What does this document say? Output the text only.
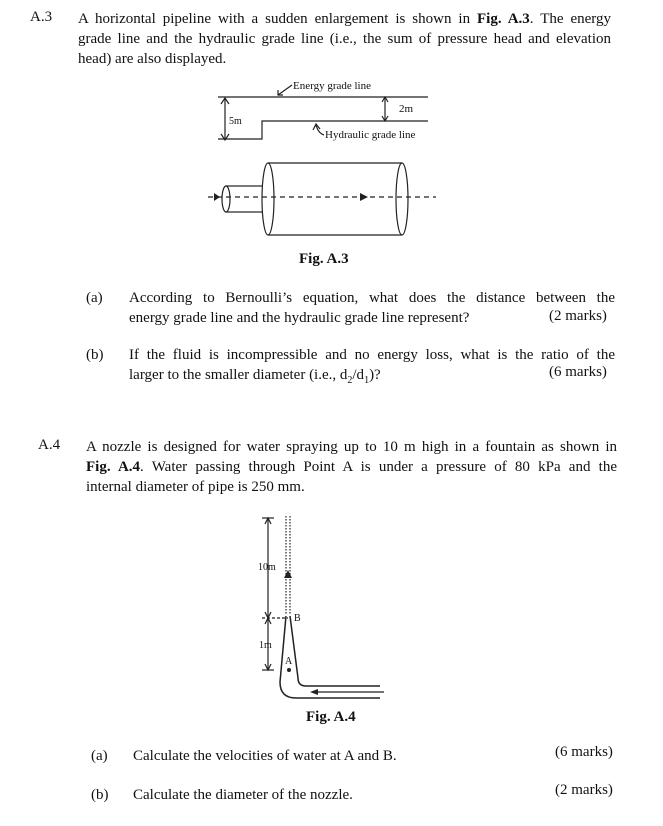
A.3 A horizontal pipeline with a sudden enlargement is shown in Fig. A.3. The energy
grade line and the hydraulic grade line (i.e., the sum of pressure head and elevation
head) are also displayed.
Energy grade line
Hydraulic grade line
5m
2m
Fig. A.3
(a) According to Bernoulli’s equation, what does the distance between the
energy grade line and the hydraulic grade line represent?	(2 marks)
(b) If the fluid is incompressible and no energy loss, what is the ratio of the
larger to the smaller diameter (i.e., $d_2/d_1$)?	(6 marks)
A.4 A nozzle is designed for water spraying up to 10 m high in a fountain as shown in
Fig. A.4. Water passing through Point A is under a pressure of 80 kPa and the
internal diameter of pipe is 250 mm.
10m
1m
A
B
Fig. A.4
(a) Calculate the velocities of water at A and B.	(6 marks)
(b) Calculate the diameter of the nozzle.	(2 marks)
